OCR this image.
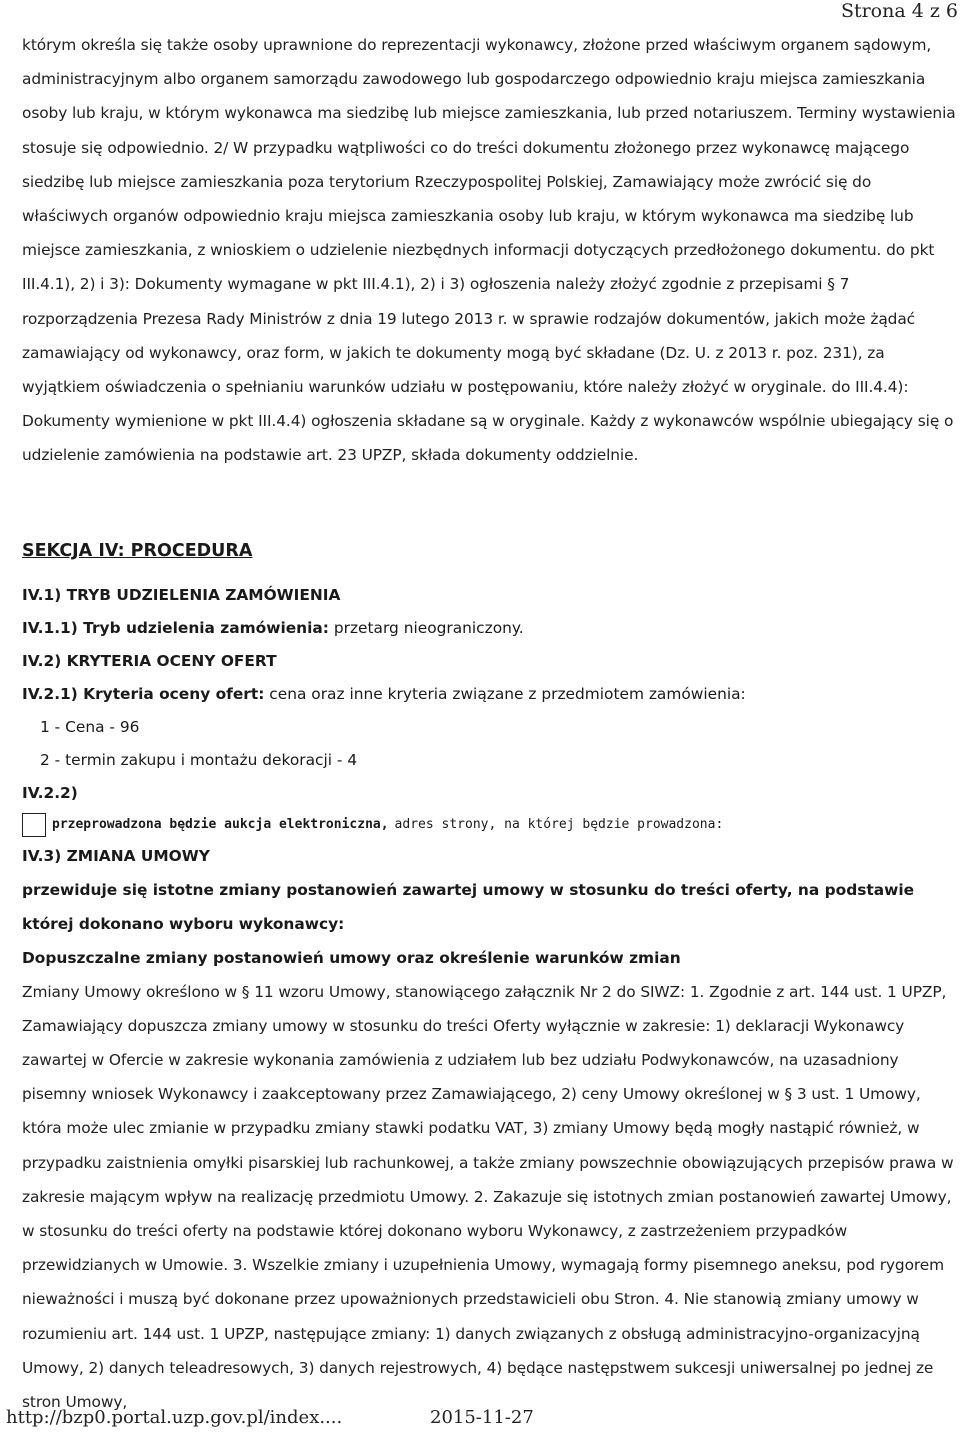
Strona 4 z 6

którym określa się także osoby uprawnione do reprezentacji wykonawcy, złożone przed właściwym organem sądowym, administracyjnym albo organem samorządu zawodowego lub gospodarczego odpowiednio kraju miejsca zamieszkania osoby lub kraju, w którym wykonawca ma siedzibę lub miejsce zamieszkania, lub przed notariuszem. Terminy wystawienia stosuje się odpowiednio. 2/ W przypadku wątpliwości co do treści dokumentu złożonego przez wykonawcę mającego siedzibę lub miejsce zamieszkania poza terytorium Rzeczypospolitej Polskiej, Zamawiający może zwrócić się do właściwych organów odpowiednio kraju miejsca zamieszkania osoby lub kraju, w którym wykonawca ma siedzibę lub miejsce zamieszkania, z wnioskiem o udzielenie niezbędnych informacji dotyczących przedłożonego dokumentu. do pkt III.4.1), 2) i 3): Dokumenty wymagane w pkt III.4.1), 2) i 3) ogłoszenia należy złożyć zgodnie z przepisami § 7 rozporządzenia Prezesa Rady Ministrów z dnia 19 lutego 2013 r. w sprawie rodzajów dokumentów, jakich może żądać zamawiający od wykonawcy, oraz form, w jakich te dokumenty mogą być składane (Dz. U. z 2013 r. poz. 231), za wyjątkiem oświadczenia o spełnianiu warunków udziału w postępowaniu, które należy złożyć w oryginale. do III.4.4): Dokumenty wymienione w pkt III.4.4) ogłoszenia składane są w oryginale. Każdy z wykonawców wspólnie ubiegający się o udzielenie zamówienia na podstawie art. 23 UPZP, składa dokumenty oddzielnie.

SEKCJA IV: PROCEDURA

IV.1) TRYB UDZIELENIA ZAMÓWIENIA

IV.1.1) Tryb udzielenia zamówienia: przetarg nieograniczony.

IV.2) KRYTERIA OCENY OFERT

IV.2.1) Kryteria oceny ofert: cena oraz inne kryteria związane z przedmiotem zamówienia:

1 - Cena - 96

2 - termin zakupu i montażu dekoracji - 4

IV.2.2)

przeprowadzona będzie aukcja elektroniczna, adres strony, na której będzie prowadzona:

IV.3) ZMIANA UMOWY

przewiduje się istotne zmiany postanowień zawartej umowy w stosunku do treści oferty, na podstawie której dokonano wyboru wykonawcy:

Dopuszczalne zmiany postanowień umowy oraz określenie warunków zmian

Zmiany Umowy określono w § 11 wzoru Umowy, stanowiącego załącznik Nr 2 do SIWZ: 1. Zgodnie z art. 144 ust. 1 UPZP, Zamawiający dopuszcza zmiany umowy w stosunku do treści Oferty wyłącznie w zakresie: 1) deklaracji Wykonawcy zawartej w Ofercie w zakresie wykonania zamówienia z udziałem lub bez udziału Podwykonawców, na uzasadniony pisemny wniosek Wykonawcy i zaakceptowany przez Zamawiającego, 2) ceny Umowy określonej w § 3 ust. 1 Umowy, która może ulec zmianie w przypadku zmiany stawki podatku VAT, 3) zmiany Umowy będą mogły nastąpić również, w przypadku zaistnienia omyłki pisarskiej lub rachunkowej, a także zmiany powszechnie obowiązujących przepisów prawa w zakresie mającym wpływ na realizację przedmiotu Umowy. 2. Zakazuje się istotnych zmian postanowień zawartej Umowy, w stosunku do treści oferty na podstawie której dokonano wyboru Wykonawcy, z zastrzeżeniem przypadków przewidzianych w Umowie. 3. Wszelkie zmiany i uzupełnienia Umowy, wymagają formy pisemnego aneksu, pod rygorem nieważności i muszą być dokonane przez upoważnionych przedstawicieli obu Stron. 4. Nie stanowią zmiany umowy w rozumieniu art. 144 ust. 1 UPZP, następujące zmiany: 1) danych związanych z obsługą administracyjno-organizacyjną Umowy, 2) danych teleadresowych, 3) danych rejestrowych, 4) będące następstwem sukcesji uniwersalnej po jednej ze stron Umowy,

http://bzp0.portal.uzp.gov.pl/index....	2015-11-27
